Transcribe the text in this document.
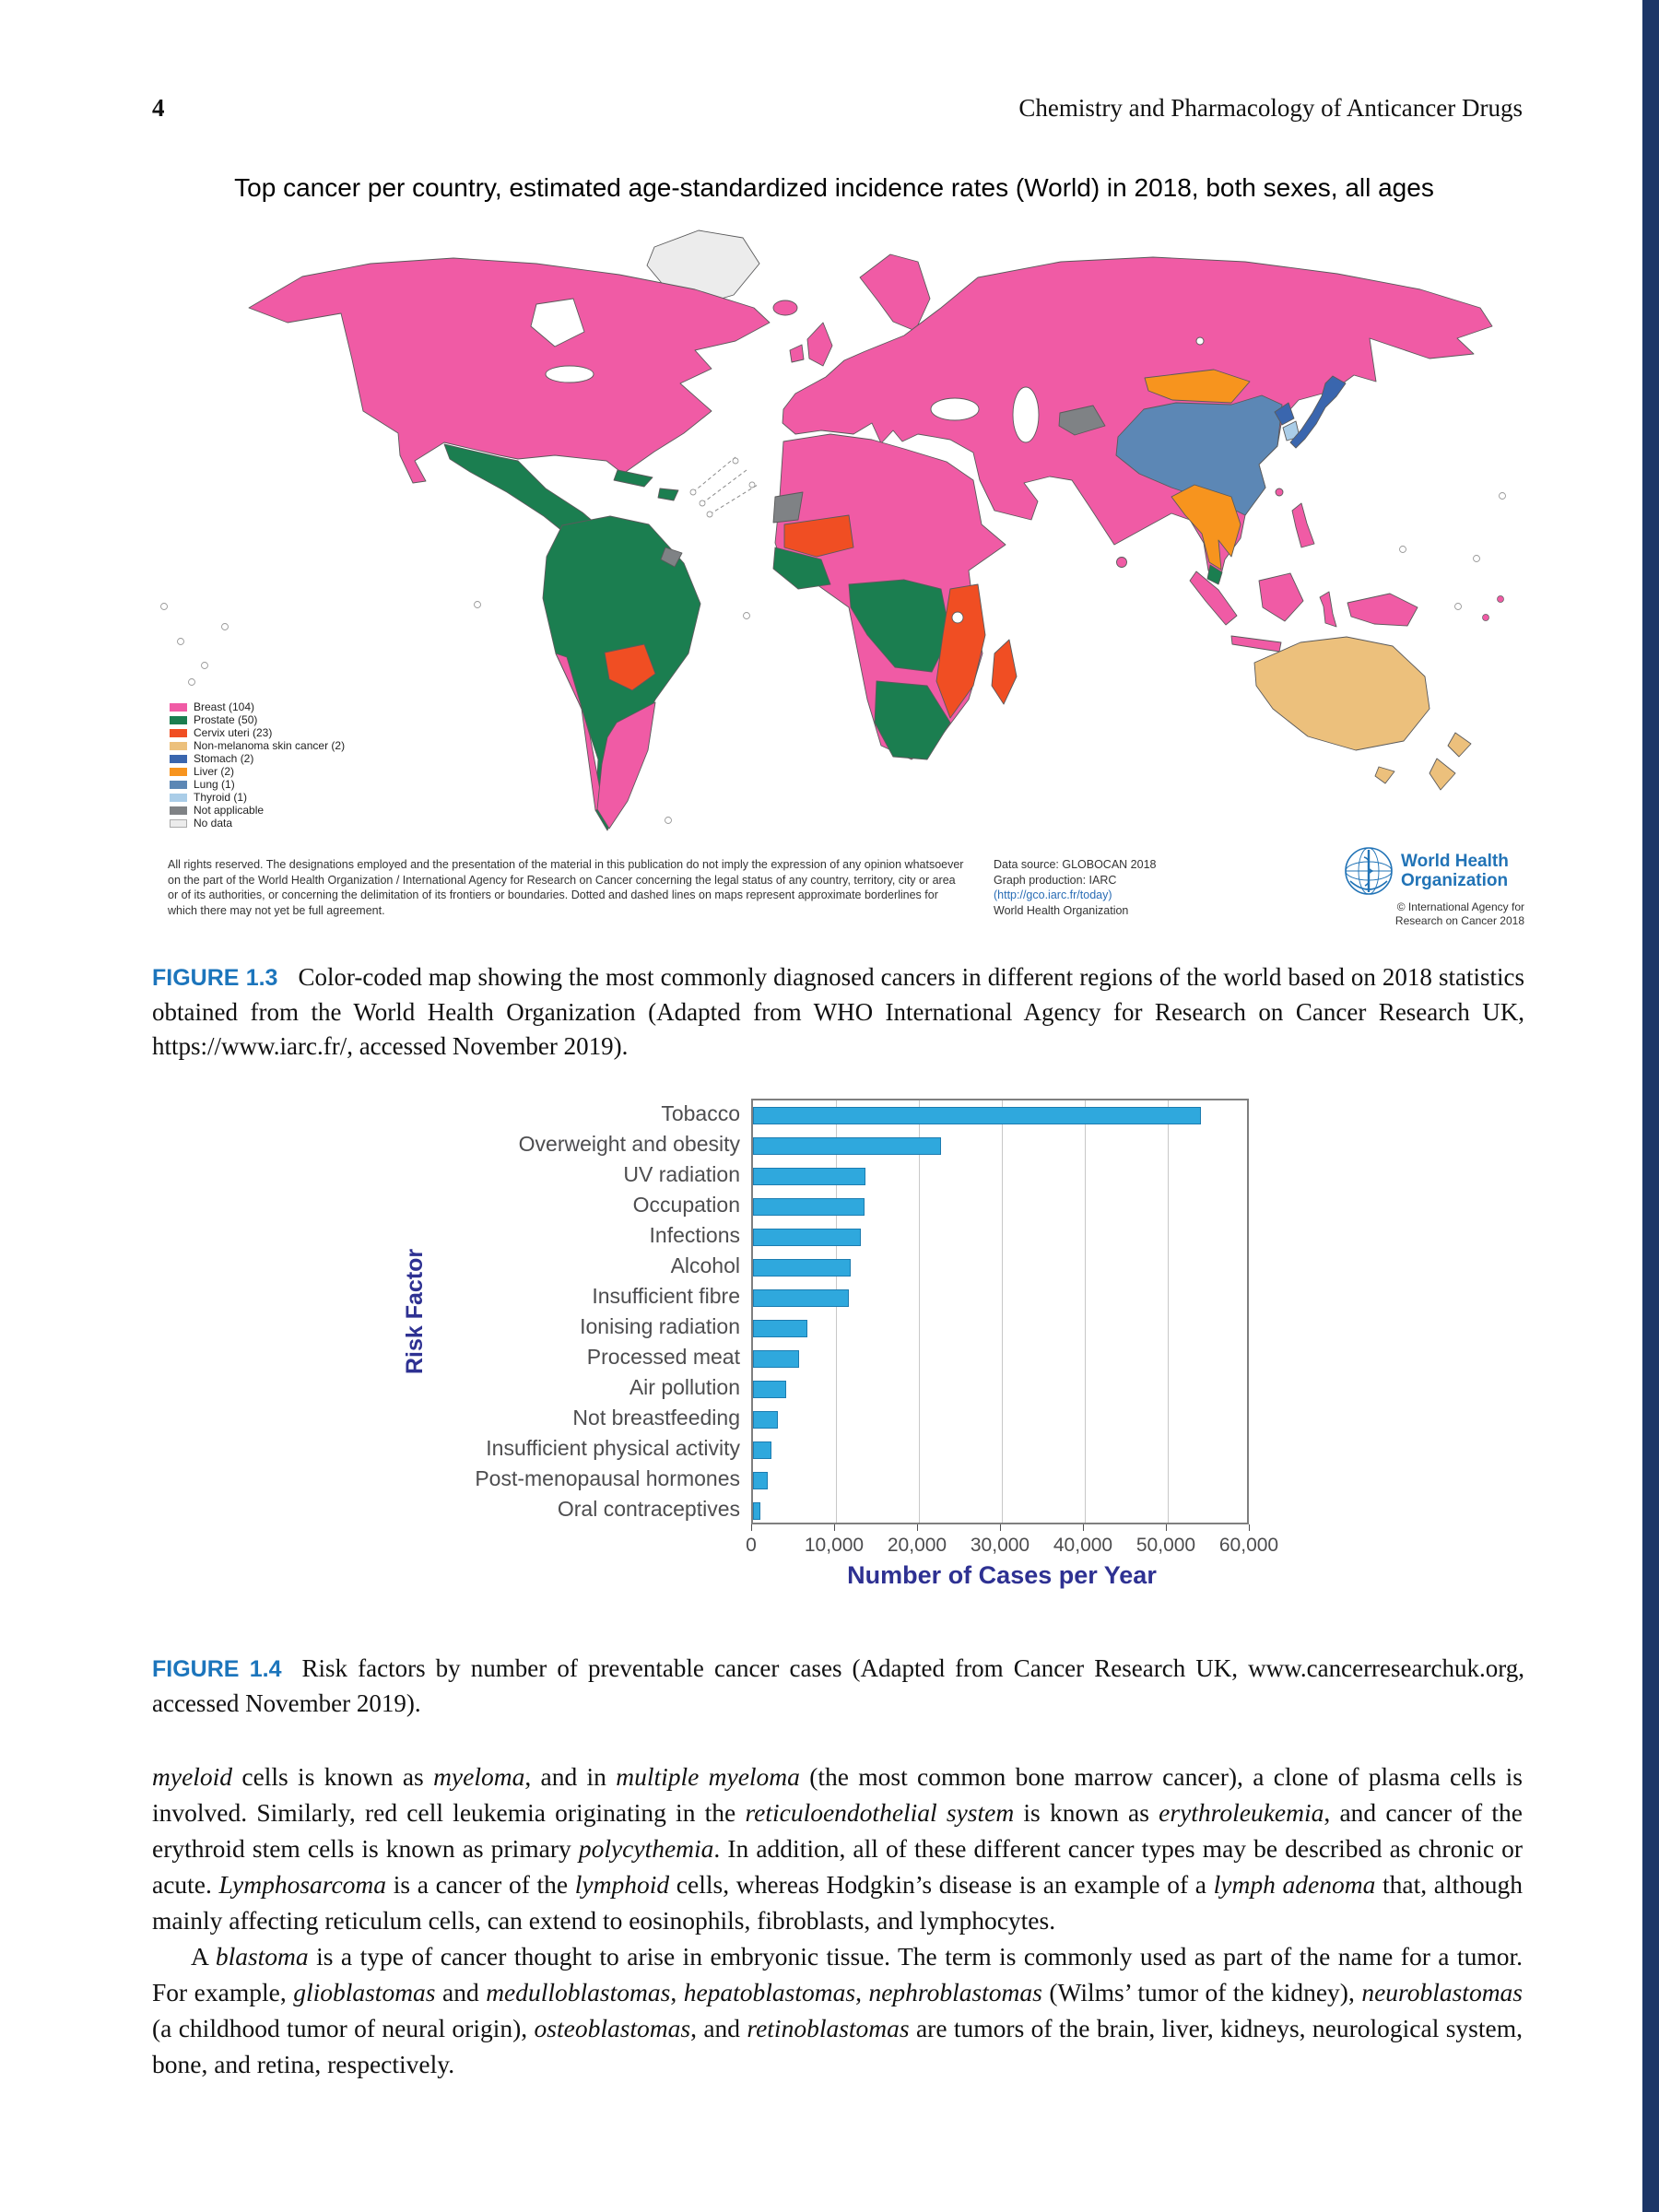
4	Chemistry and Pharmacology of Anticancer Drugs
Top cancer per country, estimated age-standardized incidence rates (World) in 2018, both sexes, all ages
Breast (104)
Prostate (50)
Cervix uteri (23)
Non-melanoma skin cancer (2)
Stomach (2)
Liver (2)
Lung (1)
Thyroid (1)
Not applicable
No data
All rights reserved. The designations employed and the presentation of the material in this publication do not imply the expression of any opinion whatsoever on the part of the World Health Organization / International Agency for Research on Cancer concerning the legal status of any country, territory, city or area or of its authorities, or concerning the delimitation of its frontiers or boundaries. Dotted and dashed lines on maps represent approximate borderlines for which there may not yet be full agreement.
Data source: GLOBOCAN 2018
Graph production: IARC
(http://gco.iarc.fr/today)
World Health Organization
World Health
Organization
© International Agency for
Research on Cancer 2018
FIGURE 1.3 Color-coded map showing the most commonly diagnosed cancers in different regions of the world based on 2018 statistics obtained from the World Health Organization (Adapted from WHO International Agency for Research on Cancer Research UK, https://www.iarc.fr/, accessed November 2019).
Risk Factor
Tobacco
Overweight and obesity
UV radiation
Occupation
Infections
Alcohol
Insufficient fibre
Ionising radiation
Processed meat
Air pollution
Not breastfeeding
Insufficient physical activity
Post-menopausal hormones
Oral contraceptives
0 10,000 20,000 30,000 40,000 50,000 60,000
Number of Cases per Year
FIGURE 1.4 Risk factors by number of preventable cancer cases (Adapted from Cancer Research UK, www.cancerresearchuk.org, accessed November 2019).

myeloid cells is known as myeloma, and in multiple myeloma (the most common bone marrow cancer), a clone of plasma cells is involved. Similarly, red cell leukemia originating in the reticuloendothelial system is known as erythroleukemia, and cancer of the erythroid stem cells is known as primary polycythemia. In addition, all of these different cancer types may be described as chronic or acute. Lymphosarcoma is a cancer of the lymphoid cells, whereas Hodgkin’s disease is an example of a lymph adenoma that, although mainly affecting reticulum cells, can extend to eosinophils, fibroblasts, and lymphocytes.

A blastoma is a type of cancer thought to arise in embryonic tissue. The term is commonly used as part of the name for a tumor. For example, glioblastomas and medulloblastomas, hepatoblastomas, nephroblastomas (Wilms’ tumor of the kidney), neuroblastomas (a childhood tumor of neural origin), osteoblastomas, and retinoblastomas are tumors of the brain, liver, kidneys, neurological system, bone, and retina, respectively.
